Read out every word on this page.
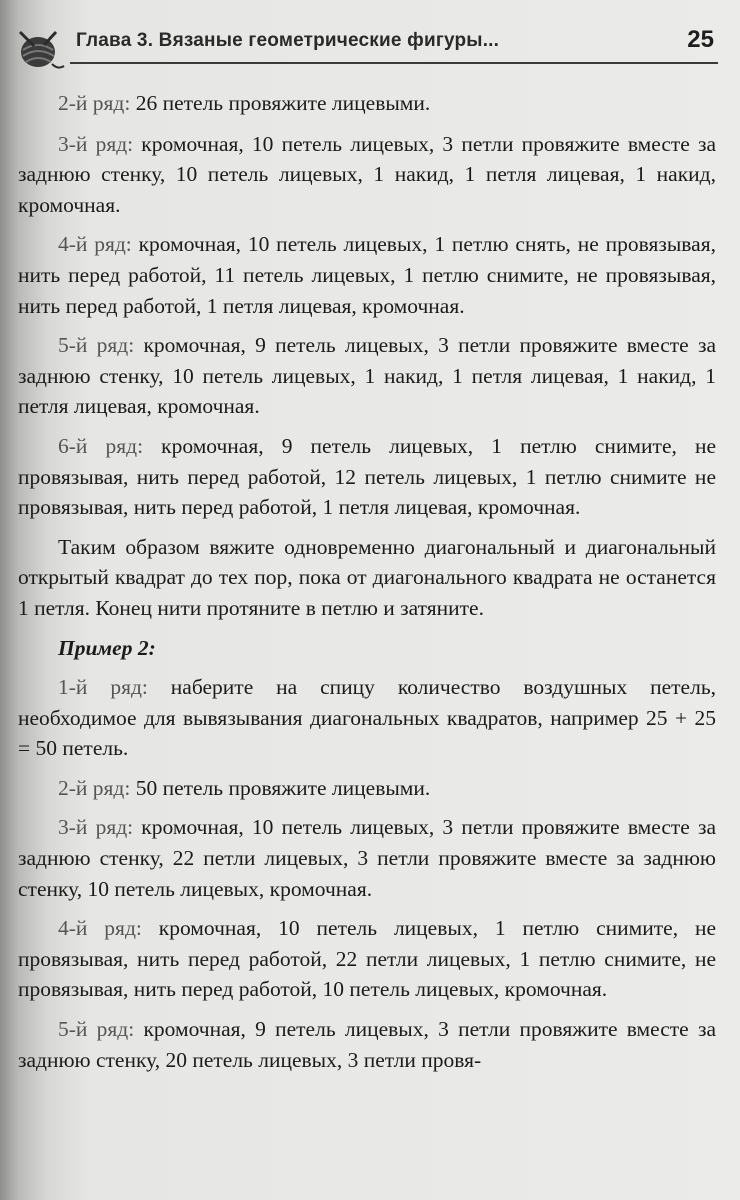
Глава 3. Вязаные геометрические фигуры...	25

2-й ряд: 26 петель провяжите лицевыми.

3-й ряд: кромочная, 10 петель лицевых, 3 петли провяжите вместе за заднюю стенку, 10 петель лицевых, 1 накид, 1 петля лицевая, 1 накид, кромочная.

4-й ряд: кромочная, 10 петель лицевых, 1 петлю снять, не провязывая, нить перед работой, 11 петель лицевых, 1 петлю снимите, не провязывая, нить перед работой, 1 петля лицевая, кромочная.

5-й ряд: кромочная, 9 петель лицевых, 3 петли провяжите вместе за заднюю стенку, 10 петель лицевых, 1 накид, 1 петля лицевая, 1 накид, 1 петля лицевая, кромочная.

6-й ряд: кромочная, 9 петель лицевых, 1 петлю снимите, не провязывая, нить перед работой, 12 петель лицевых, 1 петлю снимите не провязывая, нить перед работой, 1 петля лицевая, кромочная.

Таким образом вяжите одновременно диагональный и диагональный открытый квадрат до тех пор, пока от диагонального квадрата не останется 1 петля. Конец нити протяните в петлю и затяните.

Пример 2:

1-й ряд: наберите на спицу количество воздушных петель, необходимое для вывязывания диагональных квадратов, например 25 + 25 = 50 петель.

2-й ряд: 50 петель провяжите лицевыми.

3-й ряд: кромочная, 10 петель лицевых, 3 петли провяжите вместе за заднюю стенку, 22 петли лицевых, 3 петли провяжите вместе за заднюю стенку, 10 петель лицевых, кромочная.

4-й ряд: кромочная, 10 петель лицевых, 1 петлю снимите, не провязывая, нить перед работой, 22 петли лицевых, 1 петлю снимите, не провязывая, нить перед работой, 10 петель лицевых, кромочная.

5-й ряд: кромочная, 9 петель лицевых, 3 петли провяжите вместе за заднюю стенку, 20 петель лицевых, 3 петли провя-
